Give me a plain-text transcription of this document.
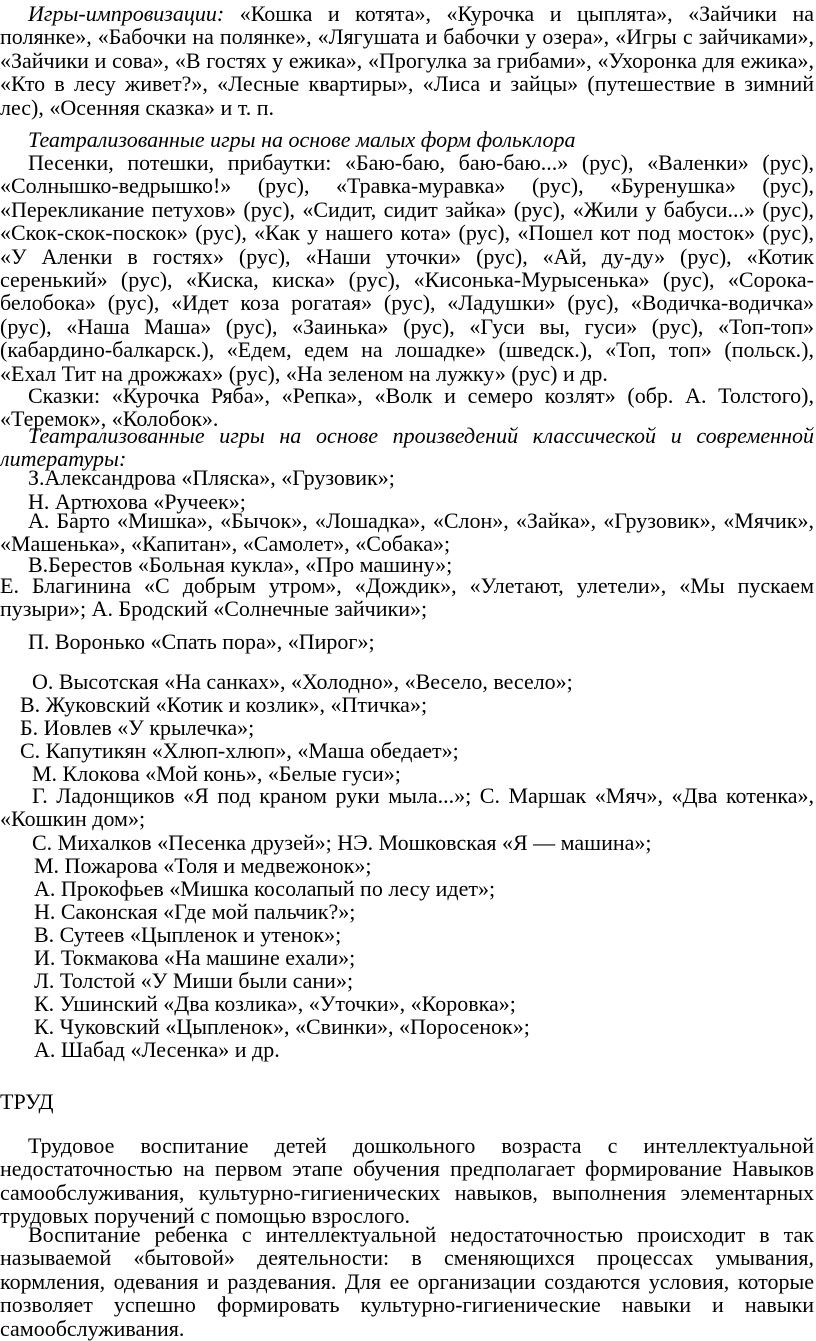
Игры-импровизации: «Кошка и котята», «Курочка и цыплята», «Зайчики на полянке», «Бабочки на полянке», «Лягушата и бабочки у озера», «Игры с зайчиками», «Зайчики и сова», «В гостях у ежика», «Прогулка за грибами», «Ухоронка для ежика», «Кто в лесу живет?», «Лесные квартиры», «Лиса и зайцы» (путешествие в зимний лес), «Осенняя сказка» и т. п.

Театрализованные игры на основе малых форм фольклора

Песенки, потешки, прибаутки: «Баю-баю, баю-баю...» (рус), «Валенки» (рус), «Солнышко-ведрышко!» (рус), «Травка-муравка» (рус), «Буренушка» (рус), «Перекликание петухов» (рус), «Сидит, сидит зайка» (рус), «Жили у бабуси...» (рус), «Скок-скок-поскок» (рус), «Как у нашего кота» (рус), «Пошел кот под мосток» (рус), «У Аленки в гостях» (рус), «Наши уточки» (рус), «Ай, ду-ду» (рус), «Котик серенький» (рус), «Киска, киска» (рус), «Кисонька-Мурысенька» (рус), «Сорока-белобока» (рус), «Идет коза рогатая» (рус), «Ладушки» (рус), «Водичка-водичка» (рус), «Наша Маша» (рус), «Заинька» (рус), «Гуси вы, гуси» (рус), «Топ-топ» (кабардино-балкарск.), «Едем, едем на лошадке» (шведск.), «Топ, топ» (польск.), «Ехал Тит на дрожжах» (рус), «На зеленом на лужку» (рус) и др.

Сказки: «Курочка Ряба», «Репка», «Волк и семеро козлят» (обр. А. Толстого), «Теремок», «Колобок».

Театрализованные игры на основе произведений классической и современной литературы:

З.Александрова «Пляска», «Грузовик»;

Н. Артюхова «Ручеек»;

А. Барто «Мишка», «Бычок», «Лошадка», «Слон», «Зайка», «Грузовик», «Мячик», «Машенька», «Капитан», «Самолет», «Собака»;

В.Берестов «Больная кукла», «Про машину»;

Е. Благинина «С добрым утром», «Дождик», «Улетают, улетели», «Мы пускаем пузыри»; А. Бродский «Солнечные зайчики»;

П. Воронько «Спать пора», «Пирог»;

О. Высотская «На санках», «Холодно», «Весело, весело»;

В. Жуковский «Котик и козлик», «Птичка»;

Б. Иовлев «У крылечка»;

С. Капутикян «Хлюп-хлюп», «Маша обедает»;

М. Клокова «Мой конь», «Белые гуси»;

Г. Ладонщиков «Я под краном руки мыла...»; С. Маршак «Мяч», «Два котенка», «Кошкин дом»;

С. Михалков «Песенка друзей»; НЭ. Мошковская «Я — машина»;

М. Пожарова «Толя и медвежонок»;

А. Прокофьев «Мишка косолапый по лесу идет»;

Н. Саконская «Где мой пальчик?»;

В. Сутеев «Цыпленок и утенок»;

И. Токмакова «На машине ехали»;

Л. Толстой «У Миши были сани»;

К. Ушинский «Два козлика», «Уточки», «Коровка»;

К. Чуковский «Цыпленок», «Свинки», «Поросенок»;

А. Шабад «Лесенка» и др.

ТРУД

Трудовое воспитание детей дошкольного возраста с интеллектуальной недостаточностью на первом этапе обучения предполагает формирование Навыков самообслуживания, культурно-гигиенических навыков, выполнения элементарных трудовых поручений с помощью взрослого.

Воспитание ребенка с интеллектуальной недостаточностью происходит в так называемой «бытовой» деятельности: в сменяющихся процессах умывания, кормления, одевания и раздевания. Для ее организации создаются условия, которые позволяет успешно формировать культурно-гигиенические навыки и навыки самообслуживания.
